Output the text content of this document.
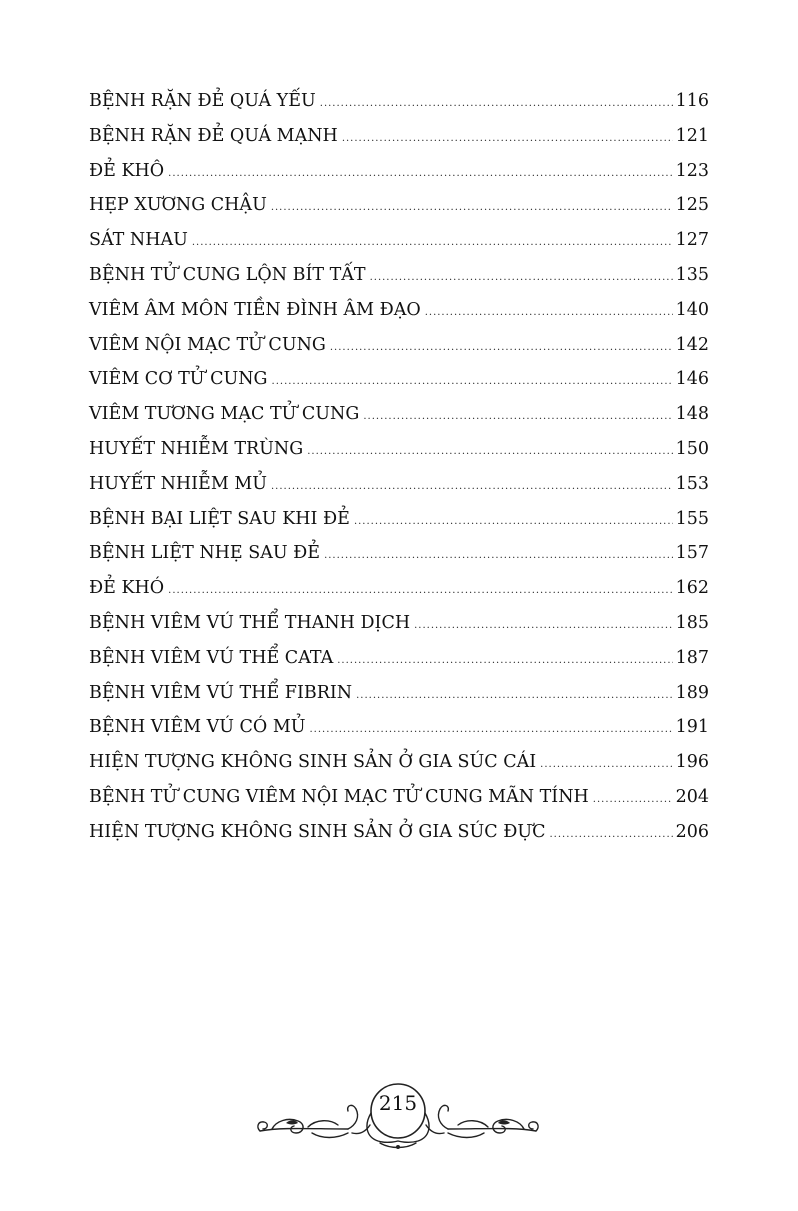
BỆNH RẶN ĐẺ QUÁ YẾU .....	116
BỆNH RẶN ĐẺ QUÁ MẠNH .....	121
ĐẺ KHÔ .....	123
HẸP XƯƠNG CHẬU .....	125
SÁT NHAU .....	127
BỆNH TỬ CUNG LỘN BÍT TẤT .....	135
VIÊM ÂM MÔN TIỀN ĐÌNH ÂM ĐẠO .....	140
VIÊM NỘI MẠC TỬ CUNG .....	142
VIÊM CƠ TỬ CUNG .....	146
VIÊM TƯƠNG MẠC TỬ CUNG .....	148
HUYẾT NHIỄM TRÙNG .....	150
HUYẾT NHIỄM MỦ .....	153
BỆNH BẠI LIỆT SAU KHI ĐẺ .....	155
BỆNH LIỆT NHẸ SAU ĐẺ .....	157
ĐẺ KHÓ .....	162
BỆNH VIÊM VÚ THỂ THANH DỊCH .....	185
BỆNH VIÊM VÚ THỂ CATA .....	187
BỆNH VIÊM VÚ THỂ FIBRIN .....	189
BỆNH VIÊM VÚ CÓ MỦ .....	191
HIỆN TƯỢNG KHÔNG SINH SẢN Ở GIA SÚC CÁI .....	196
BỆNH TỬ CUNG VIÊM NỘI MẠC TỬ CUNG MÃN TÍNH .....	204
HIỆN TƯỢNG KHÔNG SINH SẢN Ở GIA SÚC ĐỰC .....	206
215
